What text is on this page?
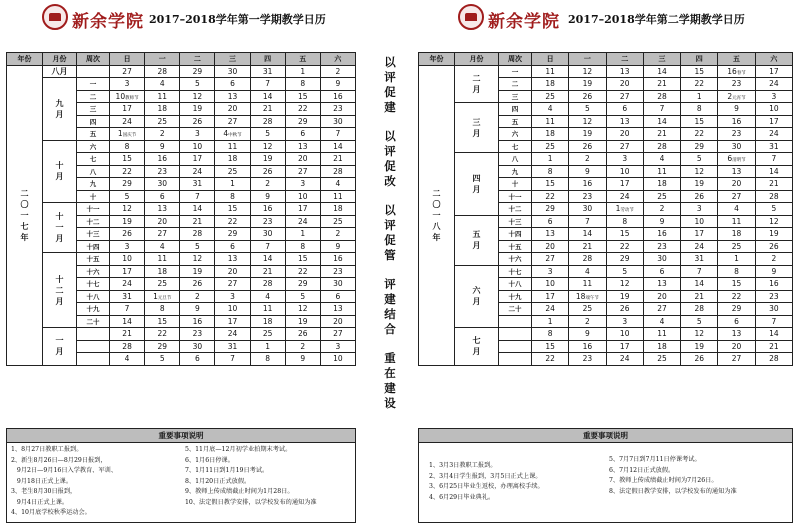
新余学院 2017–2018学年第一学期教学日历
年份	月份	周次	日	一	二	三	四	五	六
二
〇
一
七
年	八月		27	28	29	30	31	1	2
	九
月	一	3	4	5	6	7	8	9
		二	10教师节	11	12	13	14	15	16
		三	17	18	19	20	21	22	23
		四	24	25	26	27	28	29	30
		五	1国庆节	2	3	4中秋节	5	6	7
	十
月	六	8	9	10	11	12	13	14
		七	15	16	17	18	19	20	21
		八	22	23	24	25	26	27	28
		九	29	30	31	1	2	3	4
		十	5	6	7	8	9	10	11
	十
一
月	十一	12	13	14	15	16	17	18
		十二	19	20	21	22	23	24	25
		十三	26	27	28	29	30	1	2
		十四	3	4	5	6	7	8	9
	十
二
月	十五	10	11	12	13	14	15	16
		十六	17	18	19	20	21	22	23
		十七	24	25	26	27	28	29	30
		十八	31	1元旦节	2	3	4	5	6
		十九	7	8	9	10	11	12	13
		二十	14	15	16	17	18	19	20
	一
月		21	22	23	24	25	26	27
			28	29	30	31	1	2	3
			4	5	6	7	8	9	10
重要事项说明
1、8月27日教职工报到。
2、新生8月26日—8月29日报到，
9月2日—9月16日入学教育、军训、
9月18日正式上课。
3、老生8月30日报到，
9月4日正式上课。
4、10月底学校秋季运动会。
5、11月底—12月初学业拍期末考试。
6、1月6日停课。
7、1月11日到1月19日考试。
8、1月20日正式放假。
9、教师上传成绩截止时间为1月28日。
10、法定假日教学安排，以学校发布的通知为准
以
评
促
建
以
评
促
改
以
评
促
管
评
建
结
合
重
在
建
设
新余学院 2017–2018学年第二学期教学日历
年份	月份	周次	日	一	二	三	四	五	六
二
〇
一
八
年	二
月	一	11	12	13	14	15	16春节	17
		二	18	19	20	21	22	23	24
		三	25	26	27	28	1	2元宵节	3
	三
月	四	4	5	6	7	8	9	10
		五	11	12	13	14	15	16	17
		六	18	19	20	21	22	23	24
		七	25	26	27	28	29	30	31
	四
月	八	1	2	3	4	5	6清明节	7
		九	8	9	10	11	12	13	14
		十	15	16	17	18	19	20	21
		十一	22	23	24	25	26	27	28
		十二	29	30	1劳动节	2	3	4	5
	五
月	十三	6	7	8	9	10	11	12
		十四	13	14	15	16	17	18	19
		十五	20	21	22	23	24	25	26
		十六	27	28	29	30	31	1	2
	六
月	十七	3	4	5	6	7	8	9
		十八	10	11	12	13	14	15	16
		十九	17	18端午节	19	20	21	22	23
		二十	24	25	26	27	28	29	30
			1	2	3	4	5	6	7
	七
月		8	9	10	11	12	13	14
			15	16	17	18	19	20	21
			22	23	24	25	26	27	28
重要事项说明
1、3月3日教职工报到。
2、3月4日学生报到，3月5日正式上课。
3、6月25日毕业生返校，办理离校手续。
4、6月29日毕业典礼。
5、7月7日到7月11日停课考试。
6、7月12日正式放假。
7、教师上传成绩截止时间为7月26日。
8、法定假日教学安排，以学校发布的通知为准
